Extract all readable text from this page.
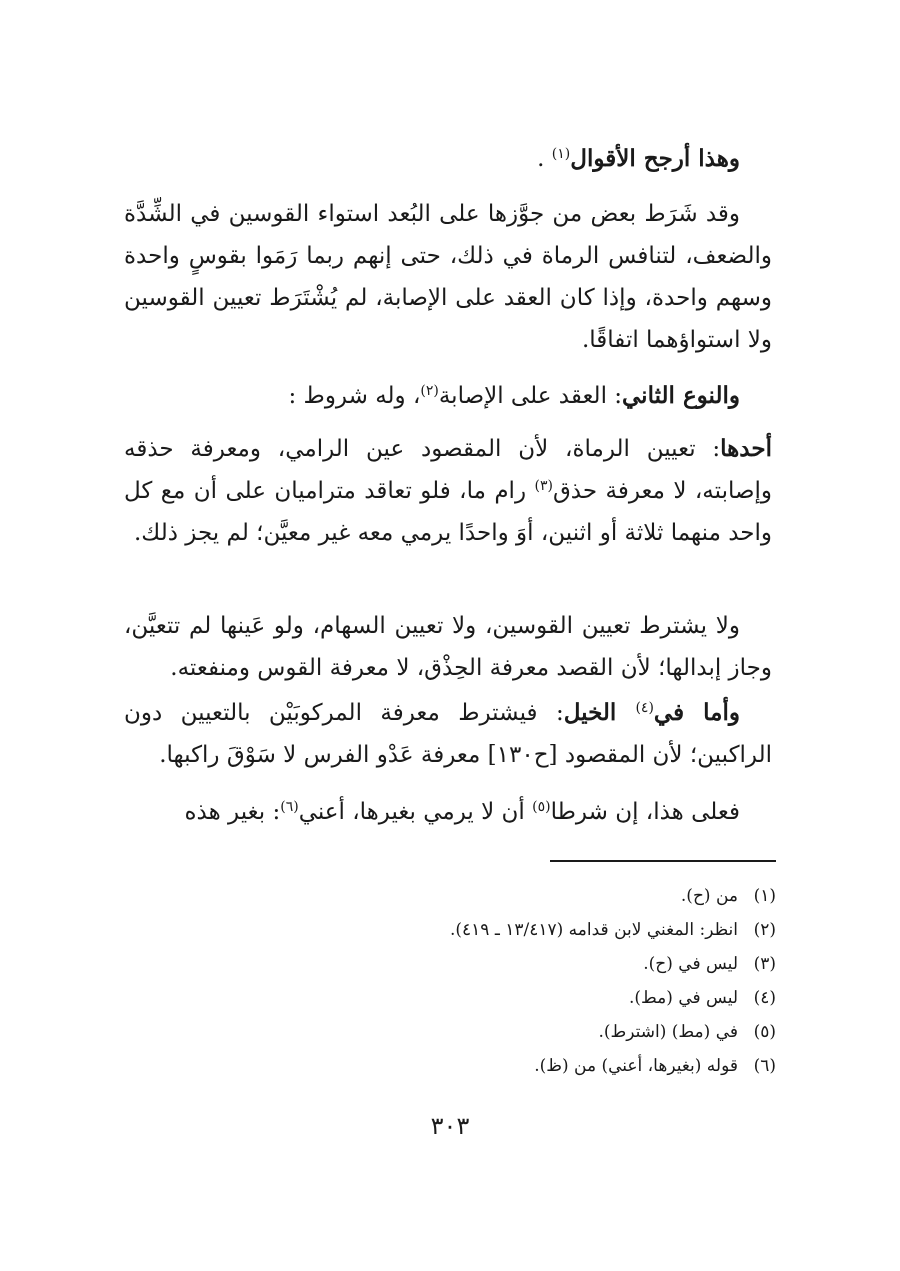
وهذا أرجح الأقوال$^{(١)}$ .

وقد شَرَط بعض من جوَّزها على البُعد استواء القوسين في الشِّدَّة والضعف، لتنافس الرماة في ذلك، حتى إنهم ربما رَمَوا بقوسٍ واحدة وسهم واحدة، وإذا كان العقد على الإصابة، لم يُشْتَرَط تعيين القوسين ولا استواؤهما اتفاقًا.

والنوع الثاني: العقد على الإصابة$^{(٢)}$، وله شروط :

أحدها: تعيين الرماة، لأن المقصود عين الرامي، ومعرفة حذقه وإصابته، لا معرفة حذق$^{(٣)}$ رام ما، فلو تعاقد متراميان على أن مع كل واحد منهما ثلاثة أو اثنين، أوَ واحدًا يرمي معه غير معيَّن؛ لم يجز ذلك.

ولا يشترط تعيين القوسين، ولا تعيين السهام، ولو عَينها لم تتعيَّن، وجاز إبدالها؛ لأن القصد معرفة الحِذْق، لا معرفة القوس ومنفعته.

وأما في$^{(٤)}$ الخيل: فيشترط معرفة المركوبَيْن بالتعيين دون الراكبين؛ لأن المقصود [ح١٣٠] معرفة عَدْو الفرس لا سَوْقَ راكبها.

فعلى هذا، إن شرطا$^{(٥)}$ أن لا يرمي بغيرها، أعني$^{(٦)}$: بغير هذه

(١)
من (ح).
(٢)
انظر: المغني لابن قدامه (١٣/٤١٧ ـ ٤١٩).
(٣)
ليس في (ح).
(٤)
ليس في (مط).
(٥)
في (مط) (اشترط).
(٦)
قوله (بغيرها، أعني) من (ظ).
٣٠٣
